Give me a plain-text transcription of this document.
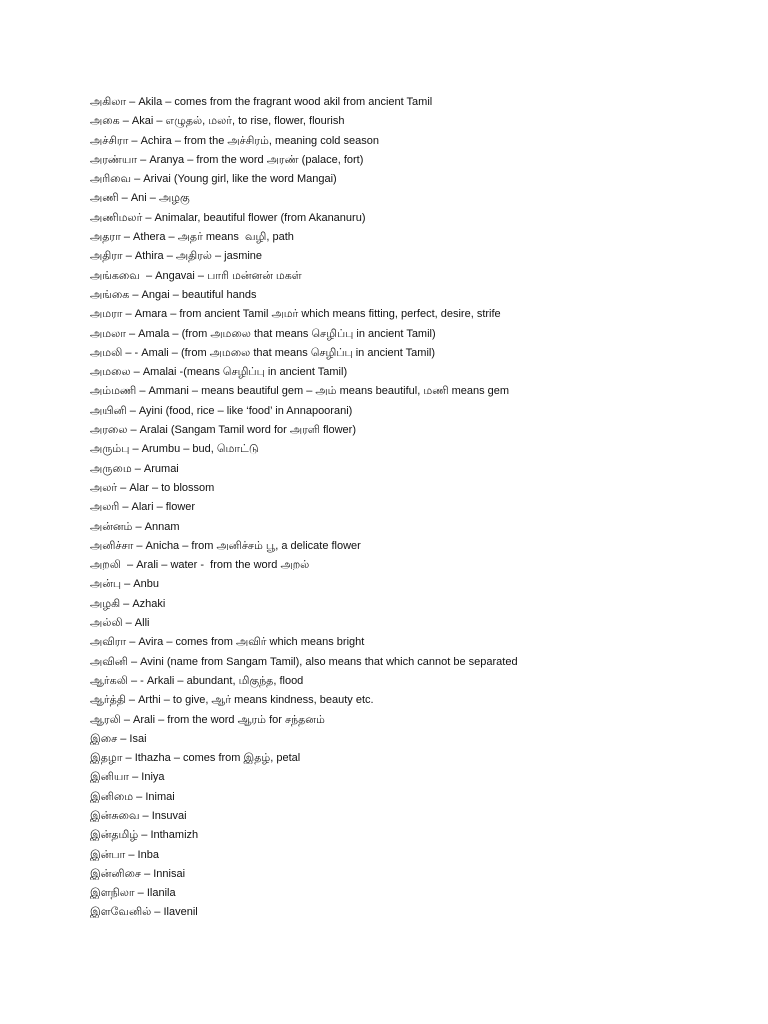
அகிலா – Akila – comes from the fragrant wood akil from ancient Tamil
அகை – Akai – எழுதல், மலர், to rise, flower, flourish
அச்சிரா – Achira – from the அச்சிரம், meaning cold season
அரண்யா – Aranya – from the word அரண் (palace, fort)
அரிவை – Arivai (Young girl, like the word Mangai)
அணி – Ani – அழகு
அணிமலர் – Animalar, beautiful flower (from Akananuru)
அதரா – Athera – அதர் means  வழி, path
அதிரா – Athira – அதிரல் – jasmine
அங்கவை  – Angavai – பாரி மன்னன் மகள்
அங்கை – Angai – beautiful hands
அமரா – Amara – from ancient Tamil அமர் which means fitting, perfect, desire, strife
அமலா – Amala – (from அமலை that means செழிப்பு in ancient Tamil)
அமலி – - Amali – (from அமலை that means செழிப்பு in ancient Tamil)
அமலை – Amalai -(means செழிப்பு in ancient Tamil)
அம்மணி – Ammani – means beautiful gem – அம் means beautiful, மணி means gem
அயினி – Ayini (food, rice – like ‘food’ in Annapoorani)
அரலை – Aralai (Sangam Tamil word for அரளி flower)
அரும்பு – Arumbu – bud, மொட்டு
அருமை – Arumai
அலர் – Alar – to blossom
அலரி – Alari – flower
அன்னம் – Annam
அனிச்சா – Anicha – from அனிச்சம் பூ, a delicate flower
அறலி  – Arali – water -  from the word அறல்
அன்பு – Anbu
அழகி – Azhaki
அல்லி – Alli
அவிரா – Avira – comes from அவிர் which means bright
அவினி – Avini (name from Sangam Tamil), also means that which cannot be separated
ஆர்கலி – - Arkali – abundant, மிகுந்த, flood
ஆர்த்தி – Arthi – to give, ஆர் means kindness, beauty etc.
ஆரலி – Arali – from the word ஆரம் for சந்தனம்
இசை – Isai
இதழா – Ithazha – comes from இதழ், petal
இனியா – Iniya
இனிமை – Inimai
இன்சுவை – Insuvai
இன்தமிழ் – Inthamizh
இன்பா – Inba
இன்னிசை – Innisai
இளநிலா – Ilanila
இளவேனில் – Ilavenil
